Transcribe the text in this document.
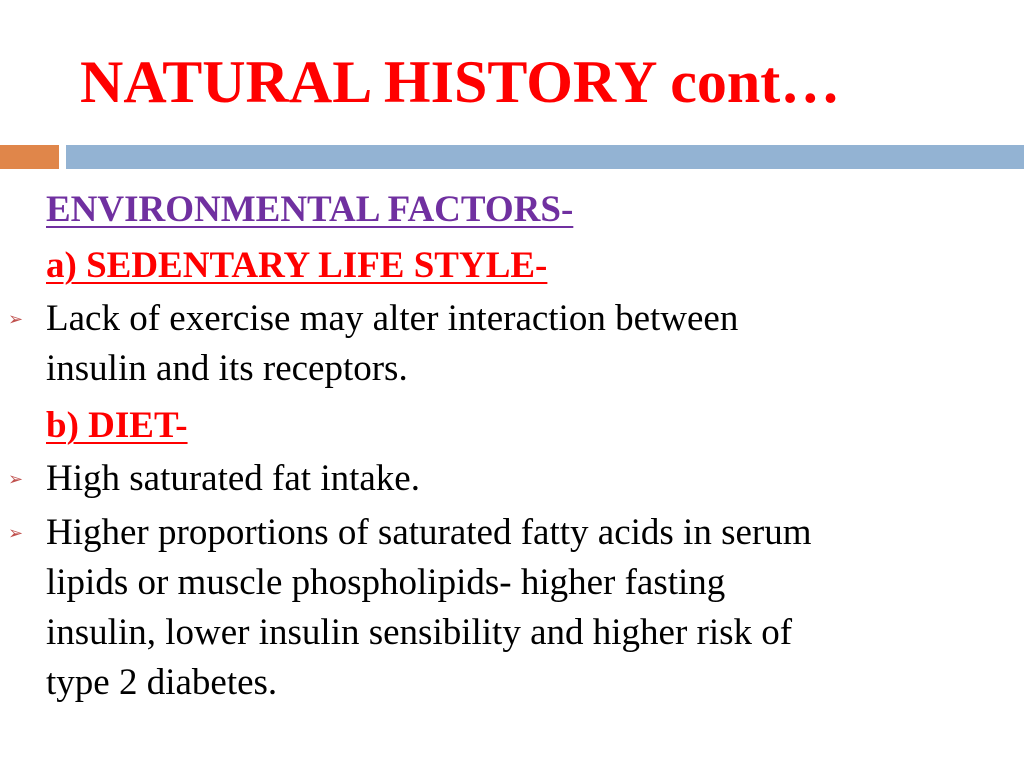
NATURAL HISTORY cont…
ENVIRONMENTAL FACTORS-
a) SEDENTARY LIFE STYLE-
➢ Lack of exercise may alter interaction between
insulin and its receptors.
b) DIET-
➢ High saturated fat intake.
➢ Higher proportions of saturated fatty acids in serum
lipids or muscle phospholipids- higher fasting
insulin, lower insulin sensibility and higher risk of
type 2 diabetes.
